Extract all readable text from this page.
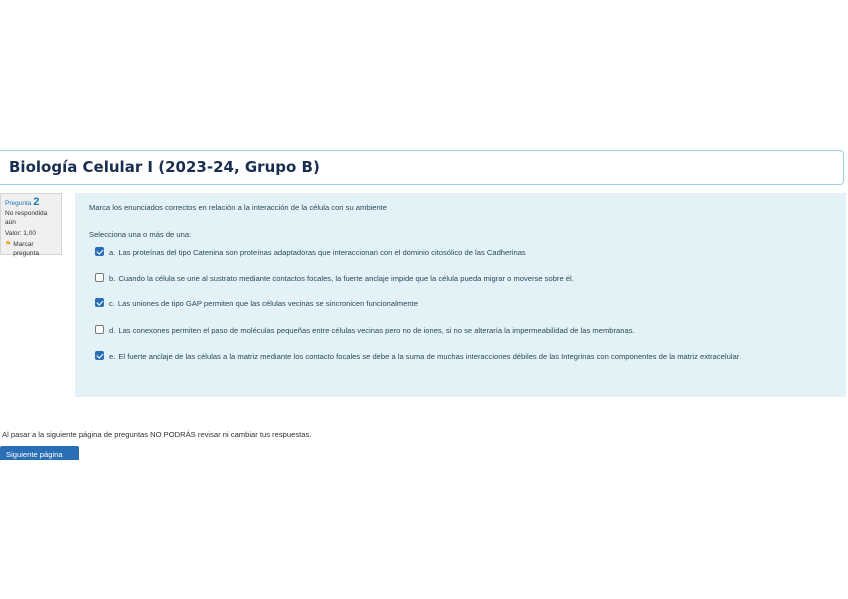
Biología Celular I (2023-24, Grupo B)
Pregunta 2
No respondida
aún
Valor: 1,00
⚑ Marcar
pregunta
Marca los enunciados correctos en relación a la interacción de la célula con su ambiente
Selecciona una o más de una:
a. Las proteínas del tipo Catenina son proteínas adaptadoras que interaccionan con el dominio citosólico de las Cadherinas
b. Cuando la célula se une al sustrato mediante contactos focales, la fuerte anclaje impide que la célula pueda migrar o moverse sobre él.
c. Las uniones de tipo GAP permiten que las células vecinas se sincronicen funcionalmente
d. Las conexones permiten el paso de moléculas pequeñas entre células vecinas pero no de iones, si no se alteraría la impermeabilidad de las membranas.
e. El fuerte anclaje de las células a la matriz mediante los contacto focales se debe a la suma de muchas interacciones débiles de las Integrinas con componentes de la matriz extracelular
Al pasar a la siguiente página de preguntas NO PODRÁS revisar ni cambiar tus respuestas.
Siguiente página
